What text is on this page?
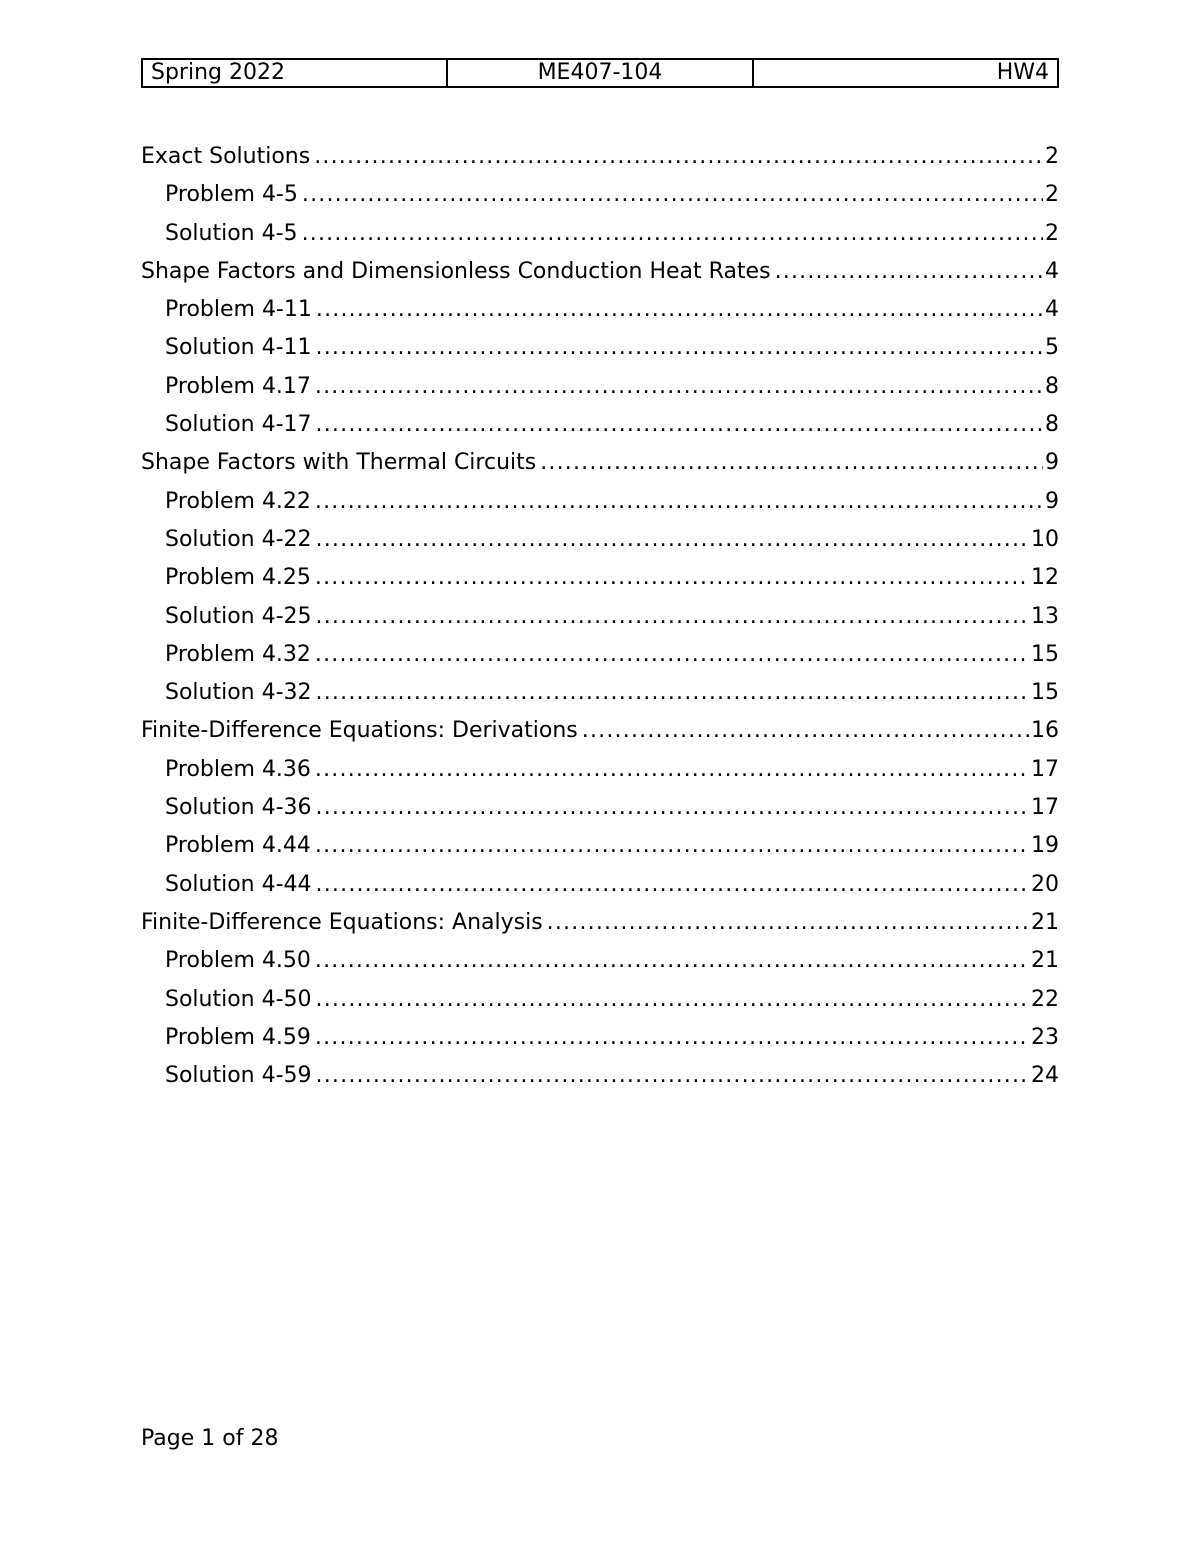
Spring 2022	ME407-104	HW4
Exact Solutions .....	2
Problem 4-5 .....	2
Solution 4-5 .....	2
Shape Factors and Dimensionless Conduction Heat Rates .....	4
Problem 4-11 .....	4
Solution 4-11 .....	5
Problem 4.17 .....	8
Solution 4-17 .....	8
Shape Factors with Thermal Circuits .....	9
Problem 4.22 .....	9
Solution 4-22 .....	10
Problem 4.25 .....	12
Solution 4-25 .....	13
Problem 4.32 .....	15
Solution 4-32 .....	15
Finite-Difference Equations: Derivations .....	16
Problem 4.36 .....	17
Solution 4-36 .....	17
Problem 4.44 .....	19
Solution 4-44 .....	20
Finite-Difference Equations: Analysis .....	21
Problem 4.50 .....	21
Solution 4-50 .....	22
Problem 4.59 .....	23
Solution 4-59 .....	24
Page 1 of 28
